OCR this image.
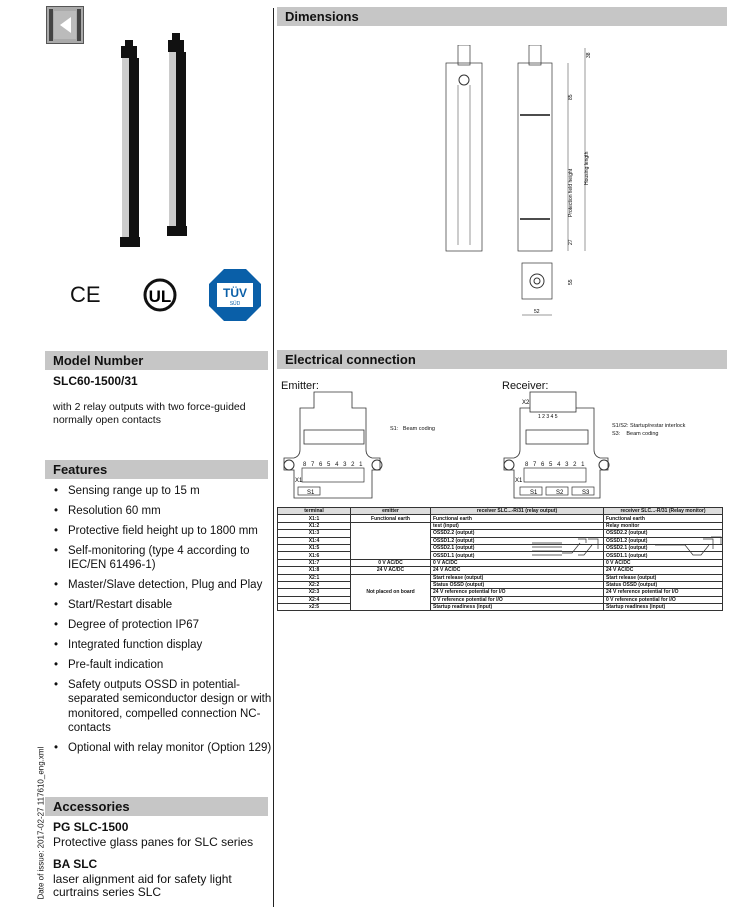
CE	UL	TÜV
SÜD
Dimensions
38
85
Protection field height
Housing length
27
55
52
Model Number
SLC60-1500/31
with 2 relay outputs with two force-guided normally open contacts
Features
• Sensing range up to 15 m
• Resolution 60 mm
• Protective field height up to 1800 mm
• Self-monitoring (type 4 according to IEC/EN 61496-1)
• Master/Slave detection, Plug and Play
• Start/Restart disable
• Degree of protection IP67
• Integrated function display
• Pre-fault indication
• Safety outputs OSSD in potential-separated semiconductor design or with monitored, compelled connection NC-contacts
• Optional with relay monitor (Option 129)
Accessories
PG SLC-1500
Protective glass panes for SLC series
BA SLC
laser alignment aid for safety light curtrains series SLC
Date of issue: 2017-02-27 117610_eng.xml
Electrical connection
Emitter:	Receiver:
X1
S1
8 7 6 5 4 3 2 1
S1: Beam coding
X2
1 2 3 4 5
X1
S1	S2	S3
8 7 6 5 4 3 2 1
S1/S2: Startup/restar interlock
S3: Beam coding
terminal	emitter	receiver SLC...-R/31 (relay output)	receiver SLC...-R/31 (Relay monitor)
X1:1	Functional earth	Functional earth	Functional earth
X1:2		test (input)	Relay monitor
X1:3		OSSD2.2 (output)	OSSD2.2 (output)
X1:4		OSSD1.2 (output)	OSSD1.2 (output)
X1:5		OSSD2.1 (output)	OSSD2.1 (output)
X1:6		OSSD1.1 (output)	OSSD1.1 (output)
X1:7	0 V AC/DC	0 V AC/DC	0 V AC/DC
X1:8	24 V AC/DC	24 V AC/DC	24 V AC/DC
X2:1	Not placed on board	Start release (output)	Start release (output)
X2:2		Status OSSD (output)	Status OSSD (output)
X2:3		24 V reference potential for I/O	24 V reference potential for I/O
X2:4		0 V reference potential for I/O	0 V reference potential for I/O
x2:5		Startup readiness (input)	Startup readiness (input)
